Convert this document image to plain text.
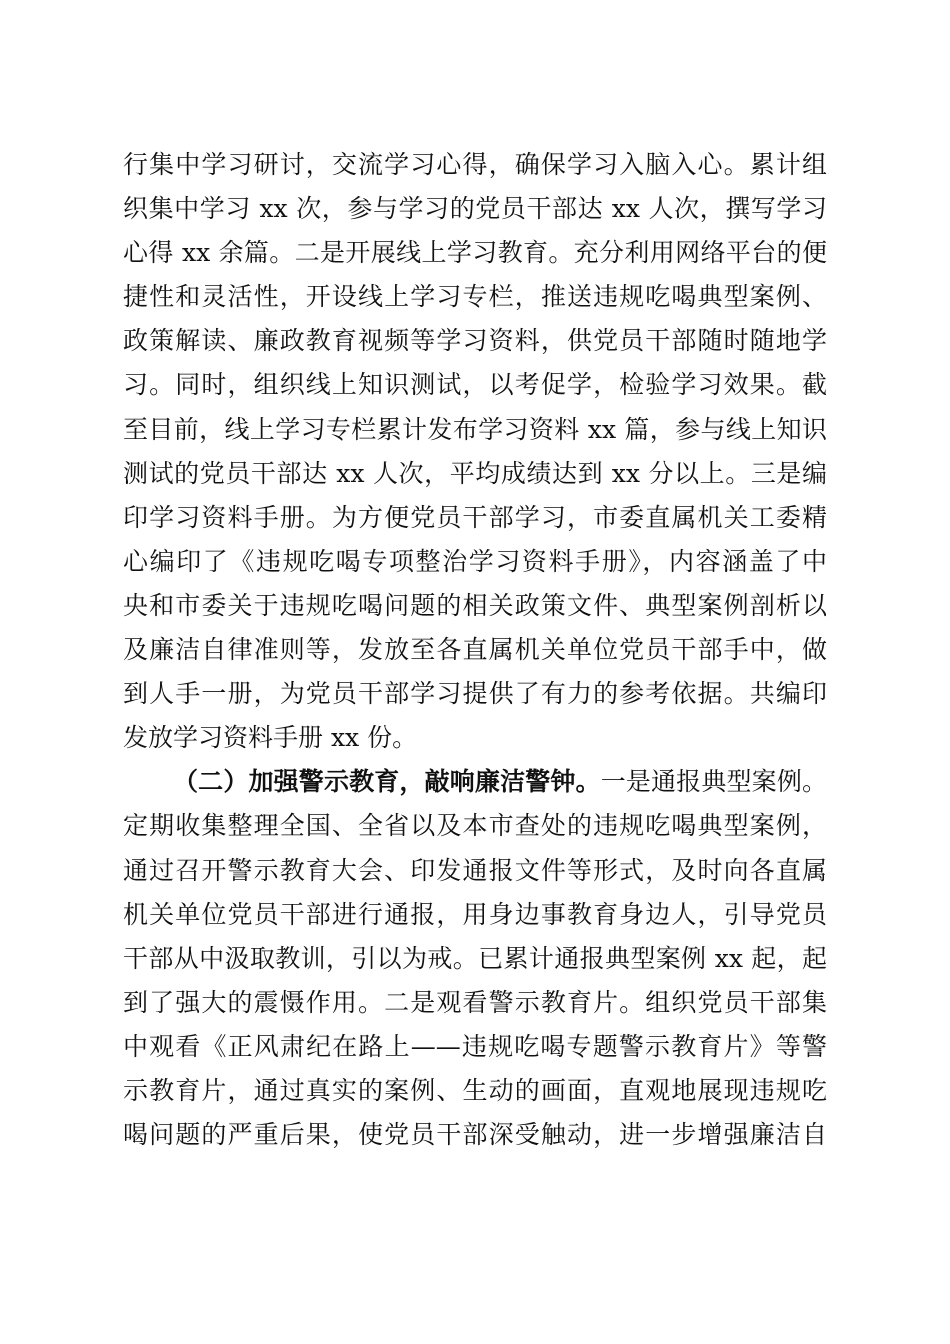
行集中学习研讨，交流学习心得，确保学习入脑入心。累计组
织集中学习 xx 次，参与学习的党员干部达 xx 人次，撰写学习
心得 xx 余篇。二是开展线上学习教育。充分利用网络平台的便
捷性和灵活性，开设线上学习专栏，推送违规吃喝典型案例、
政策解读、廉政教育视频等学习资料，供党员干部随时随地学
习。同时，组织线上知识测试，以考促学，检验学习效果。截
至目前，线上学习专栏累计发布学习资料 xx 篇，参与线上知识
测试的党员干部达 xx 人次，平均成绩达到 xx 分以上。三是编
印学习资料手册。为方便党员干部学习，市委直属机关工委精
心编印了《违规吃喝专项整治学习资料手册》，内容涵盖了中
央和市委关于违规吃喝问题的相关政策文件、典型案例剖析以
及廉洁自律准则等，发放至各直属机关单位党员干部手中，做
到人手一册，为党员干部学习提供了有力的参考依据。共编印
发放学习资料手册 xx 份。
（二）加强警示教育，敲响廉洁警钟。一是通报典型案例。
定期收集整理全国、全省以及本市查处的违规吃喝典型案例，
通过召开警示教育大会、印发通报文件等形式，及时向各直属
机关单位党员干部进行通报，用身边事教育身边人，引导党员
干部从中汲取教训，引以为戒。已累计通报典型案例 xx 起，起
到了强大的震慑作用。二是观看警示教育片。组织党员干部集
中观看《正风肃纪在路上——违规吃喝专题警示教育片》等警
示教育片，通过真实的案例、生动的画面，直观地展现违规吃
喝问题的严重后果，使党员干部深受触动，进一步增强廉洁自
